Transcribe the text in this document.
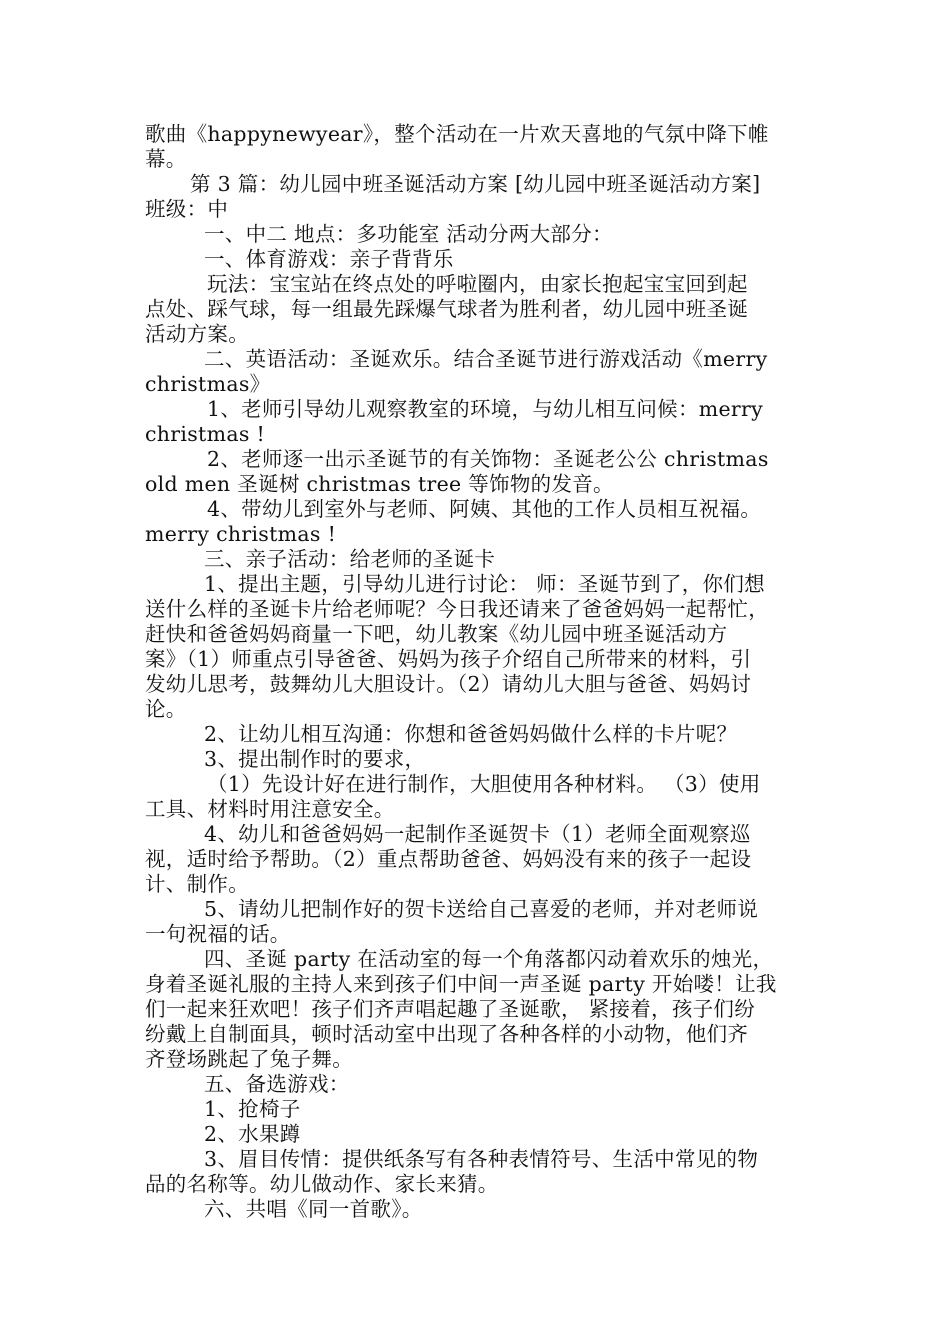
歌曲《happynewyear》，整个活动在一片欢天喜地的气氛中降下帷
幕。
第 3 篇：幼儿园中班圣诞活动方案 [幼儿园中班圣诞活动方案]
班级：中
一、中二 地点：多功能室 活动分两大部分：
一、体育游戏：亲子背背乐
玩法：宝宝站在终点处的呼啦圈内，由家长抱起宝宝回到起
点处、踩气球，每一组最先踩爆气球者为胜利者，幼儿园中班圣诞
活动方案。
二、英语活动：圣诞欢乐。结合圣诞节进行游戏活动《merry
christmas》
1、老师引导幼儿观察教室的环境，与幼儿相互问候：merry
christmas !
2、老师逐一出示圣诞节的有关饰物：圣诞老公公 christmas
old men 圣诞树 christmas tree 等饰物的发音。
4、带幼儿到室外与老师、阿姨、其他的工作人员相互祝福。
merry christmas !
三、亲子活动：给老师的圣诞卡
1、提出主题，引导幼儿进行讨论： 师：圣诞节到了，你们想
送什么样的圣诞卡片给老师呢？今日我还请来了爸爸妈妈一起帮忙，
赶快和爸爸妈妈商量一下吧，幼儿教案《幼儿园中班圣诞活动方
案》（1）师重点引导爸爸、妈妈为孩子介绍自己所带来的材料，引
发幼儿思考，鼓舞幼儿大胆设计。（2）请幼儿大胆与爸爸、妈妈讨
论。
2、让幼儿相互沟通：你想和爸爸妈妈做什么样的卡片呢？
3、提出制作时的要求，
（1）先设计好在进行制作，大胆使用各种材料。 （3）使用
工具、材料时用注意安全。
4、幼儿和爸爸妈妈一起制作圣诞贺卡（1）老师全面观察巡
视，适时给予帮助。（2）重点帮助爸爸、妈妈没有来的孩子一起设
计、制作。
5、请幼儿把制作好的贺卡送给自己喜爱的老师，并对老师说
一句祝福的话。
四、圣诞 party 在活动室的每一个角落都闪动着欢乐的烛光，
身着圣诞礼服的主持人来到孩子们中间一声圣诞 party 开始喽！让我
们一起来狂欢吧！孩子们齐声唱起趣了圣诞歌， 紧接着，孩子们纷
纷戴上自制面具，顿时活动室中出现了各种各样的小动物，他们齐
齐登场跳起了兔子舞。
五、备选游戏：
1、抢椅子
2、水果蹲
3、眉目传情：提供纸条写有各种表情符号、生活中常见的物
品的名称等。幼儿做动作、家长来猜。
六、共唱《同一首歌》。
